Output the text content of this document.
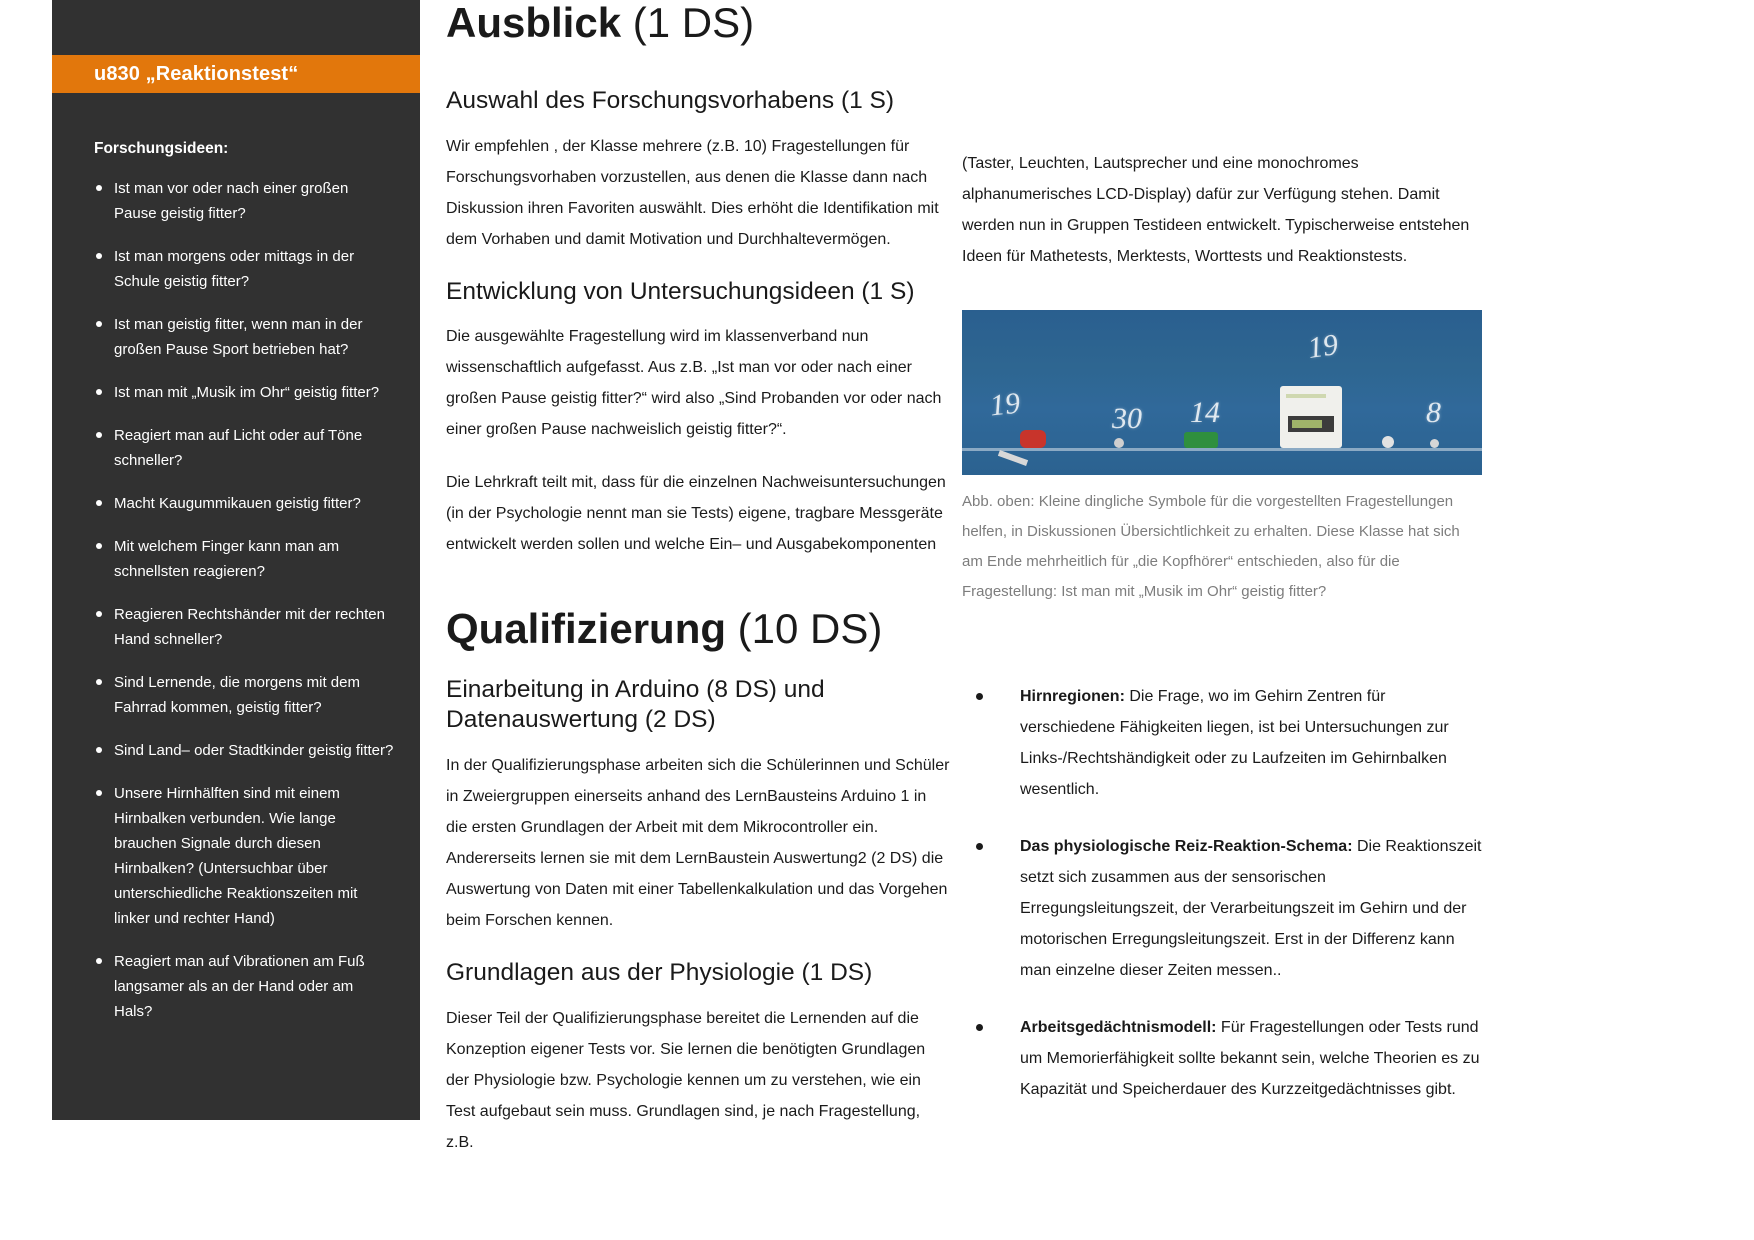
u830 „Reaktionstest“
Forschungsideen:
Ist man vor oder nach einer großen Pause geistig fitter?
Ist man morgens oder mittags in der Schule geistig fitter?
Ist man geistig fitter, wenn man in der großen Pause Sport betrieben hat?
Ist man mit „Musik im Ohr“ geistig fitter?
Reagiert man auf Licht oder auf Töne schneller?
Macht Kaugummikauen geistig fitter?
Mit welchem Finger kann man am schnellsten reagieren?
Reagieren Rechtshänder mit der rechten Hand schneller?
Sind Lernende, die morgens mit dem Fahrrad kommen, geistig fitter?
Sind Land– oder Stadtkinder geistig fitter?
Unsere Hirnhälften sind mit einem Hirnbalken verbunden. Wie lange brauchen Signale durch diesen Hirnbalken? (Untersuchbar über unterschiedliche Reaktionszeiten mit linker und rechter Hand)
Reagiert man auf Vibrationen am Fuß langsamer als an der Hand oder am Hals?
Ausblick (1 DS)
Auswahl des Forschungsvorhabens (1 S)

Wir empfehlen , der Klasse mehrere (z.B. 10) Fragestellungen für Forschungsvorhaben vorzustellen, aus denen die Klasse dann nach Diskussion ihren Favoriten auswählt. Dies erhöht die Identifikation mit dem Vorhaben und damit Motivation und Durchhaltevermögen.

Entwicklung von Untersuchungsideen (1 S)

Die ausgewählte Fragestellung wird im klassenverband nun wissenschaftlich aufgefasst. Aus z.B. „Ist man vor oder nach einer großen Pause geistig fitter?“ wird also „Sind Probanden vor oder nach einer großen Pause nachweislich geistig fitter?“.

Die Lehrkraft teilt mit, dass für die einzelnen Nachweisuntersuchungen (in der Psychologie nennt man sie Tests) eigene, tragbare Messgeräte entwickelt werden sollen und welche Ein– und Ausgabekomponenten

Qualifizierung (10 DS)
Einarbeitung in Arduino (8 DS) und Datenauswertung (2 DS)

In der Qualifizierungsphase arbeiten sich die Schülerinnen und Schüler in Zweiergruppen einerseits anhand des LernBausteins Arduino 1 in die ersten Grundlagen der Arbeit mit dem Mikrocontroller ein. Andererseits lernen sie mit dem LernBaustein Auswertung2 (2 DS) die Auswertung von Daten mit einer Tabellenkalkulation und das Vorgehen beim Forschen kennen.

Grundlagen aus der Physiologie (1 DS)

Dieser Teil der Qualifizierungsphase bereitet die Lernenden auf die Konzeption eigener Tests vor. Sie lernen die benötigten Grundlagen der Physiologie bzw. Psychologie kennen um zu verstehen, wie ein Test aufgebaut sein muss. Grundlagen sind, je nach Fragestellung, z.B.

(Taster, Leuchten, Lautsprecher und eine monochromes alphanumerisches LCD-Display) dafür zur Verfügung stehen. Damit werden nun in Gruppen Testideen entwickelt. Typischerweise entstehen Ideen für Mathetests, Merktests, Worttests und Reaktionstests.

19	30 14
19
8
Abb. oben: Kleine dingliche Symbole für die vorgestellten Fragestellungen helfen, in Diskussionen Übersichtlichkeit zu erhalten. Diese Klasse hat sich am Ende mehrheitlich für „die Kopfhörer“ entschieden, also für die Fragestellung: Ist man mit „Musik im Ohr“ geistig fitter?
Hirnregionen: Die Frage, wo im Gehirn Zentren für verschiedene Fähigkeiten liegen, ist bei Untersuchungen zur Links-/Rechtshändigkeit oder zu Laufzeiten im Gehirnbalken wesentlich.
Das physiologische Reiz-Reaktion-Schema: Die Reaktionszeit setzt sich zusammen aus der sensorischen Erregungsleitungszeit, der Verarbeitungszeit im Gehirn und der motorischen Erregungsleitungszeit. Erst in der Differenz kann man einzelne dieser Zeiten messen..
Arbeitsgedächtnismodell: Für Fragestellungen oder Tests rund um Memorierfähigkeit sollte bekannt sein, welche Theorien es zu Kapazität und Speicherdauer des Kurzzeitgedächtnisses gibt.
